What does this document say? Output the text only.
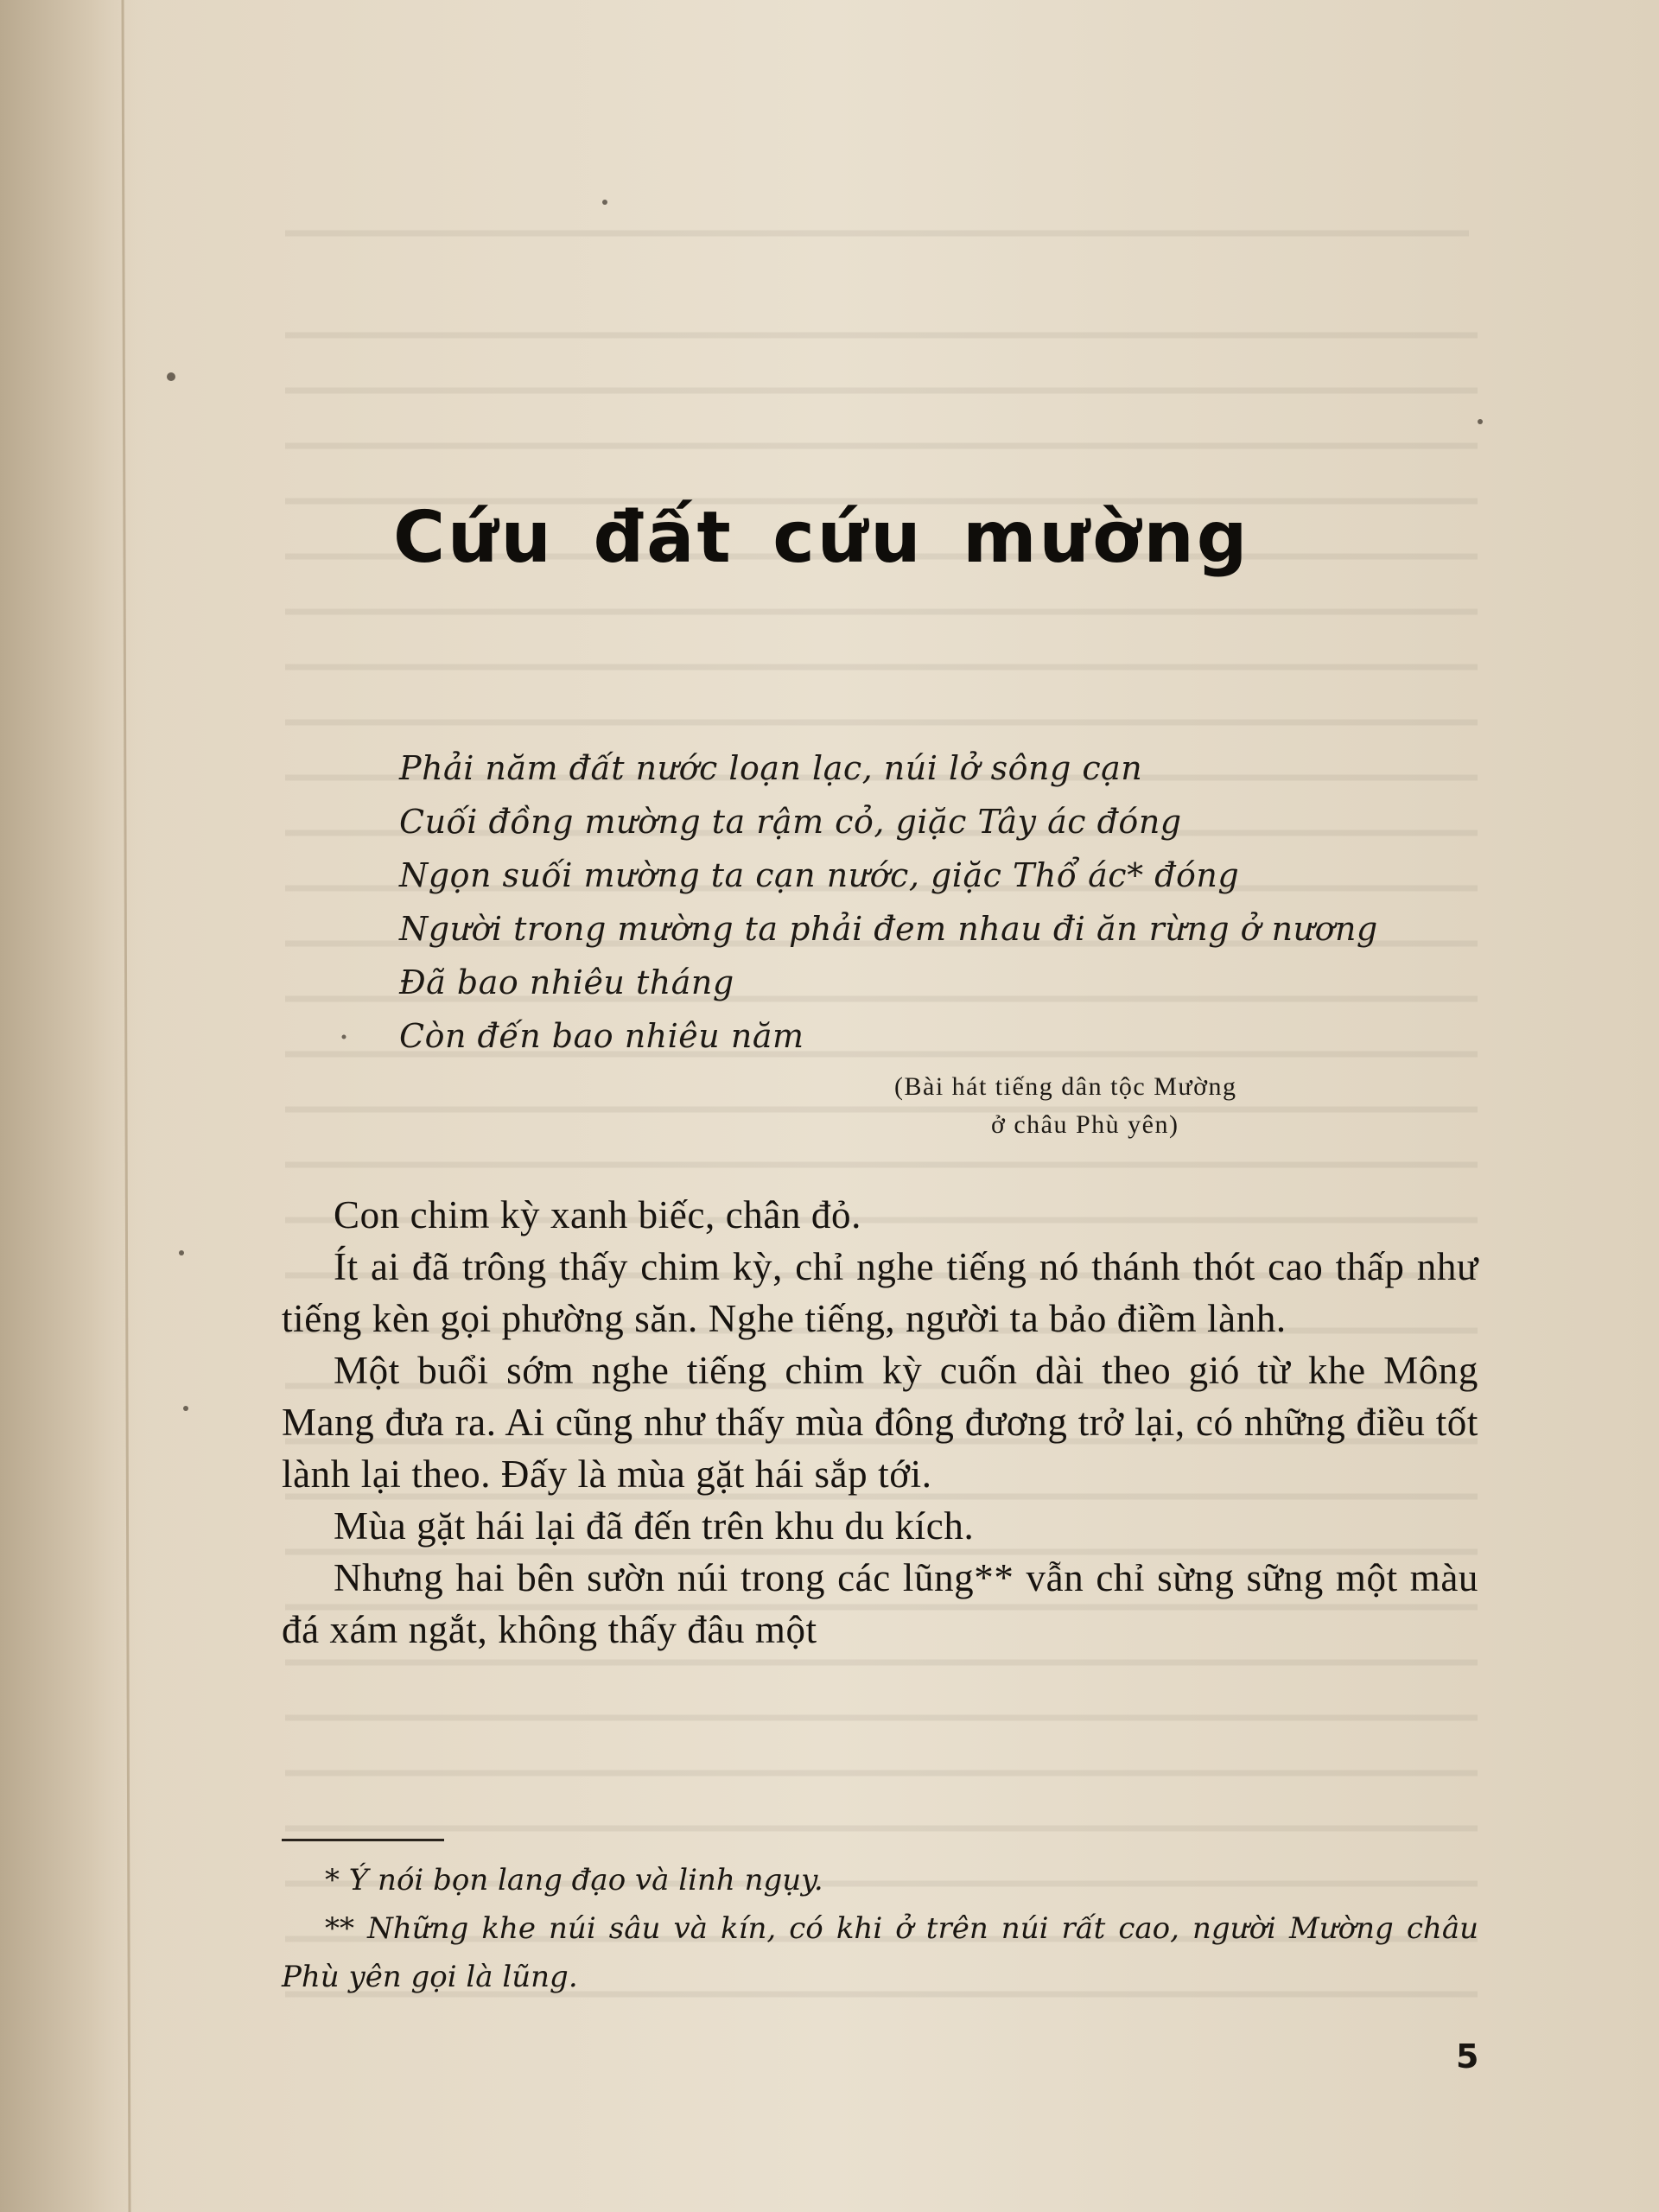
Cứu đất cứu mường
Phải năm đất nước loạn lạc, núi lở sông cạn
Cuối đồng mường ta rậm cỏ, giặc Tây ác đóng
Ngọn suối mường ta cạn nước, giặc Thổ ác* đóng
Người trong mường ta phải đem nhau đi ăn rừng ở nương
Đã bao nhiêu tháng
Còn đến bao nhiêu năm
(Bài hát tiếng dân tộc Mường
ở châu Phù yên)

Con chim kỳ xanh biếc, chân đỏ.

Ít ai đã trông thấy chim kỳ, chỉ nghe tiếng nó thánh thót cao thấp như tiếng kèn gọi phường săn. Nghe tiếng, người ta bảo điềm lành.

Một buổi sớm nghe tiếng chim kỳ cuốn dài theo gió từ khe Mông Mang đưa ra. Ai cũng như thấy mùa đông đương trở lại, có những điều tốt lành lại theo. Đấy là mùa gặt hái sắp tới.

Mùa gặt hái lại đã đến trên khu du kích.

Nhưng hai bên sườn núi trong các lũng** vẫn chỉ sừng sững một màu đá xám ngắt, không thấy đâu một

* Ý nói bọn lang đạo và linh ngụy.

** Những khe núi sâu và kín, có khi ở trên núi rất cao, người Mường châu Phù yên gọi là lũng.

5
